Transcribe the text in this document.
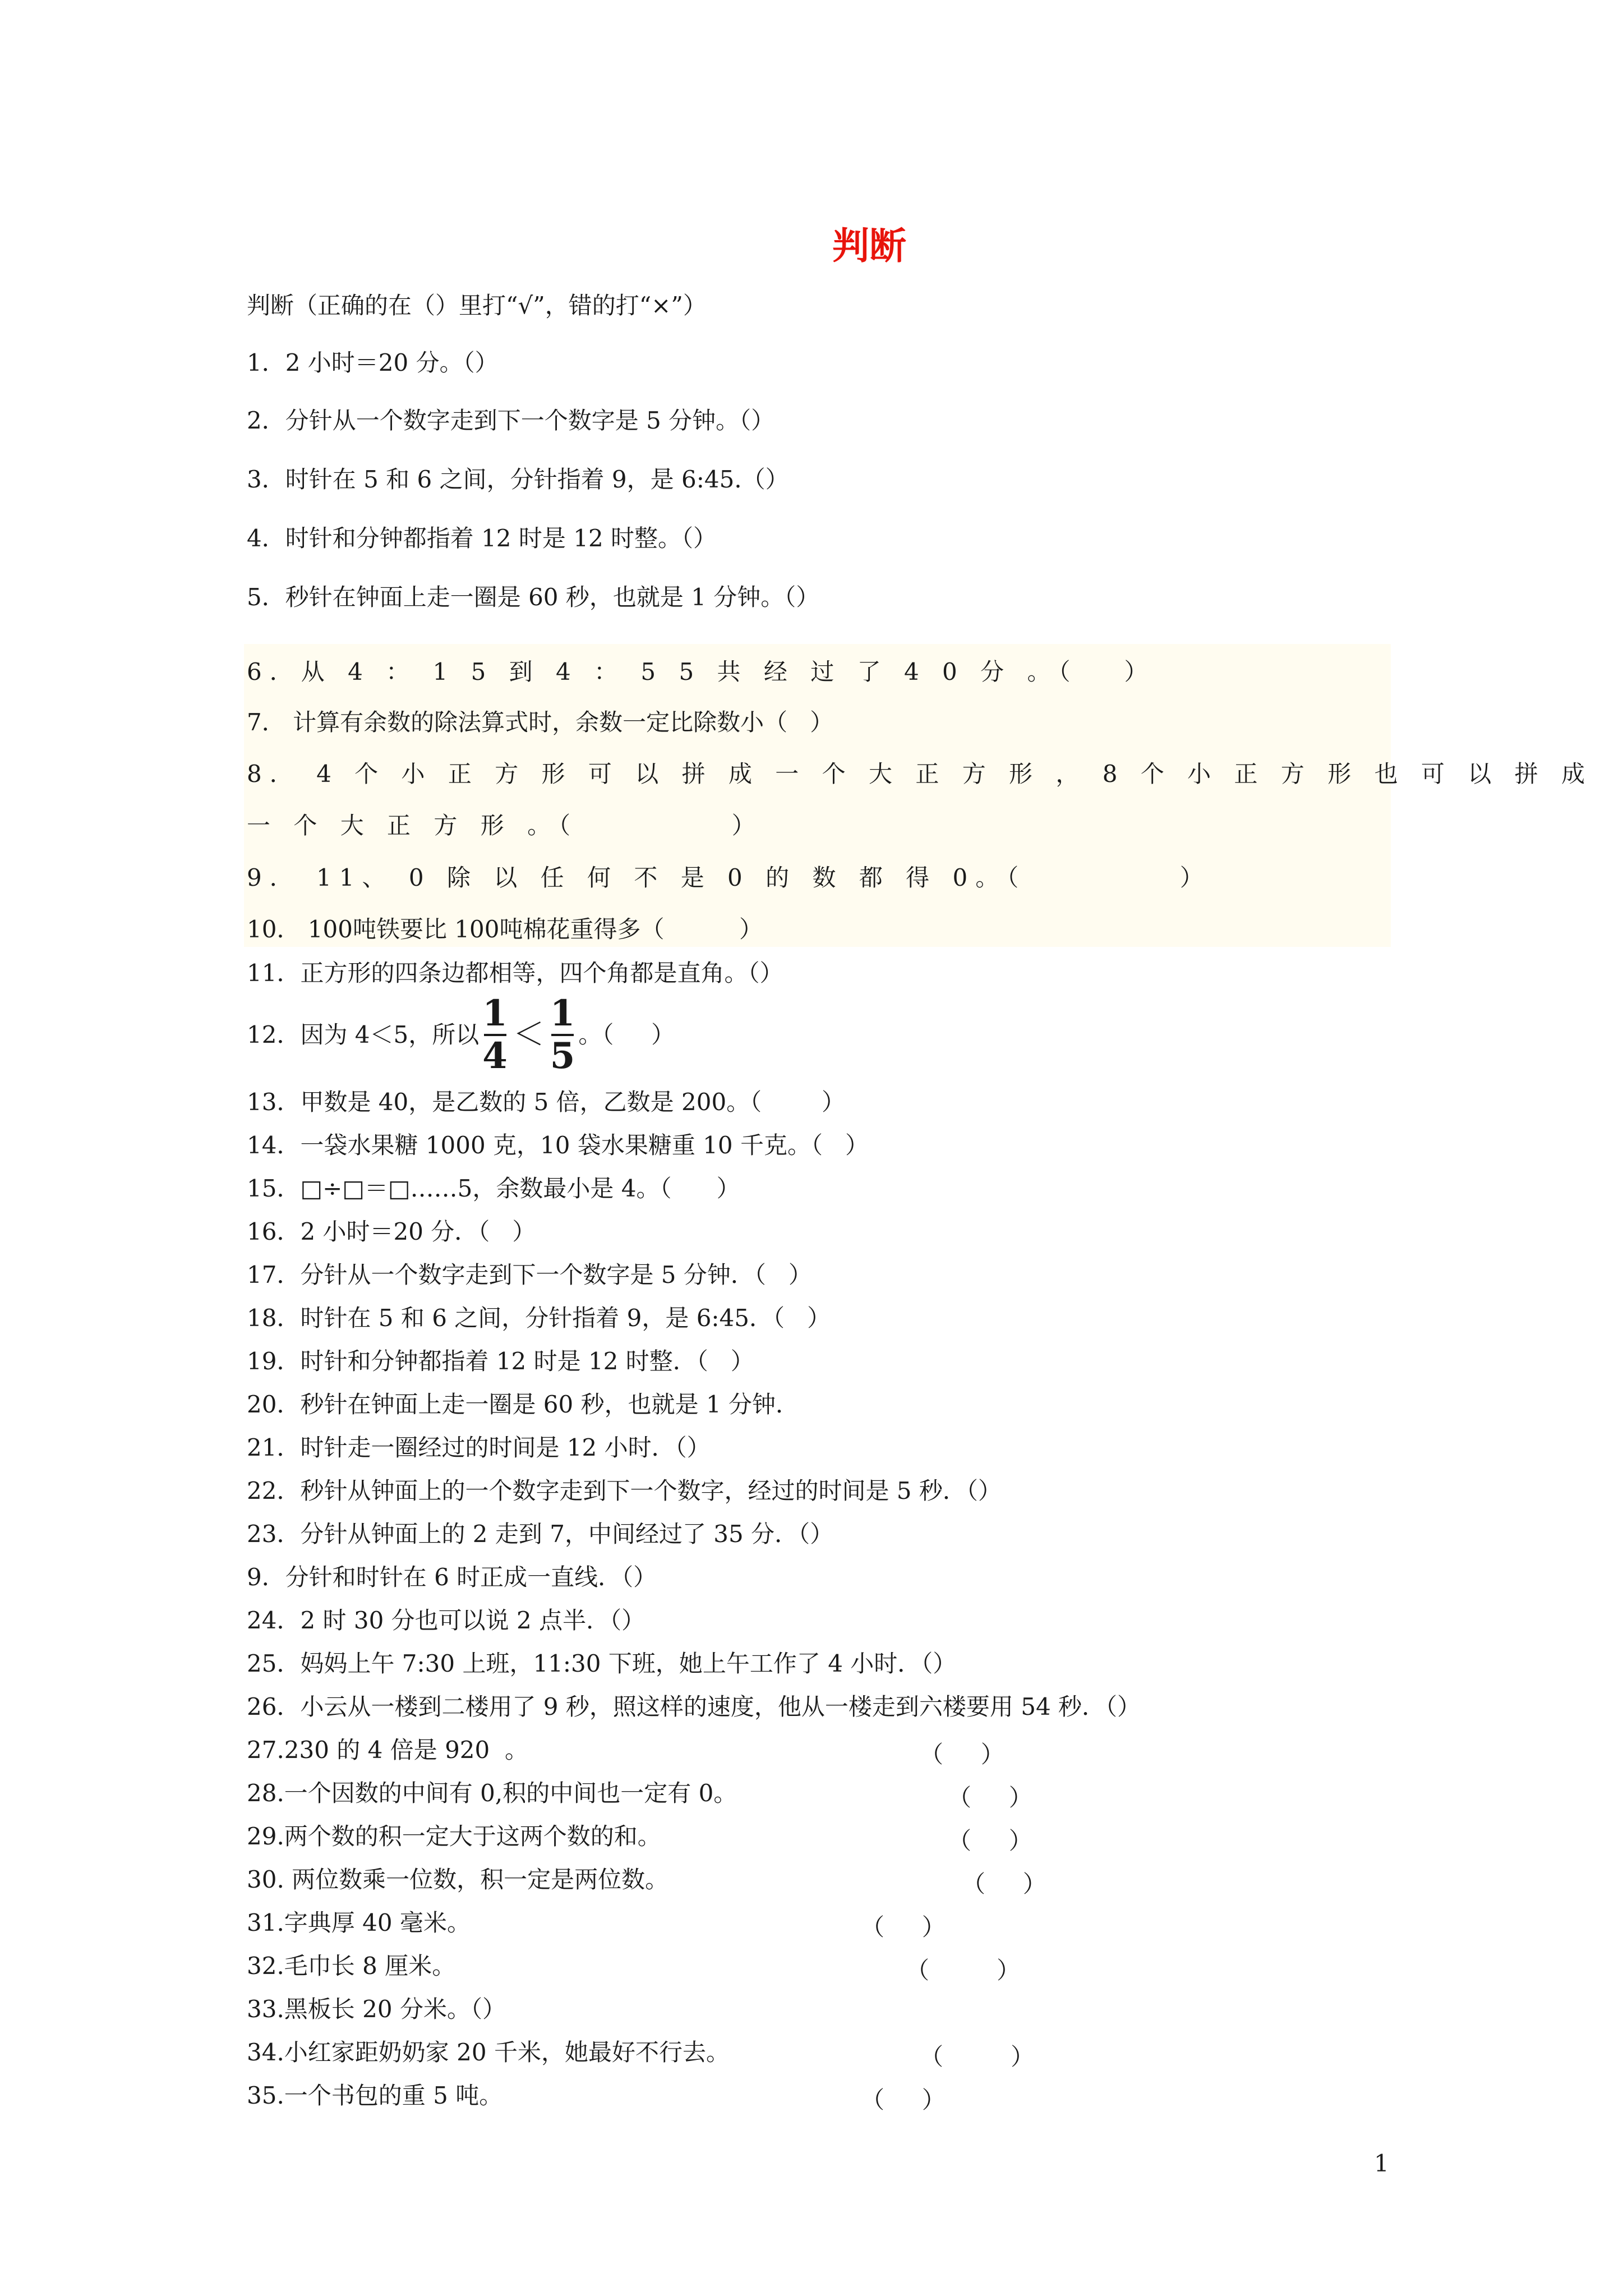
判断
判断（正确的在（）里打“√”，错的打“×”）
1．2 小时＝20 分。（）
2．分针从一个数字走到下一个数字是 5 分钟。（）
3．时针在 5 和 6 之间，分针指着 9，是 6:45.（）
4．时针和分钟都指着 12 时是 12 时整。（）
5．秒针在钟面上走一圈是 60 秒，也就是 1 分钟。（）
6．从 4 ： 1 5 到 4 ： 5 5 共 经 过 了 4 0 分 。（   ）
7． 计算有余数的除法算式时，余数一定比除数小（   ）
8． 4 个 小 正 方 形 可 以 拼 成 一 个 大 正 方 形 ， 8 个 小 正 方 形 也 可 以 拼 成
一 个 大 正 方 形 。（          ）
9． 11、 0 除 以 任 何 不 是 0 的 数 都 得 0。（          ）
10． 100吨铁要比 100吨棉花重得多（          ）
11．正方形的四条边都相等，四个角都是直角。（）
12．因为 4＜5，所以 $\frac{1}{4} < \frac{1}{5}$ 。（     ）
13．甲数是 40，是乙数的 5 倍，乙数是 200。（        ）
14．一袋水果糖 1000 克，10 袋水果糖重 10 千克。（   ）
15．□÷□＝□……5，余数最小是 4。（      ）
16．2 小时＝20 分．（   ）
17．分针从一个数字走到下一个数字是 5 分钟．（   ）
18．时针在 5 和 6 之间，分针指着 9，是 6:45．（   ）
19．时针和分钟都指着 12 时是 12 时整．（   ）
20．秒针在钟面上走一圈是 60 秒，也就是 1 分钟．
21．时针走一圈经过的时间是 12 小时．（）
22．秒针从钟面上的一个数字走到下一个数字，经过的时间是 5 秒．（）
23．分针从钟面上的 2 走到 7，中间经过了 35 分．（）
9．分针和时针在 6 时正成一直线．（）
24．2 时 30 分也可以说 2 点半．（）
25．妈妈上午 7:30 上班，11:30 下班，她上午工作了 4 小时．（）
26．小云从一楼到二楼用了 9 秒，照这样的速度，他从一楼走到六楼要用 54 秒．（）
27.230 的 4 倍是 920  。	（     ）
28.一个因数的中间有 0,积的中间也一定有 0。	（     ）
29.两个数的积一定大于这两个数的和。	（     ）
30. 两位数乘一位数，积一定是两位数。	（     ）
31.字典厚 40 毫米。	（     ）
32.毛巾长 8 厘米。	（         ）
33.黑板长 20 分米。（）
34.小红家距奶奶家 20 千米，她最好不行去。	（         ）
35.一个书包的重 5 吨。	（     ）
1
